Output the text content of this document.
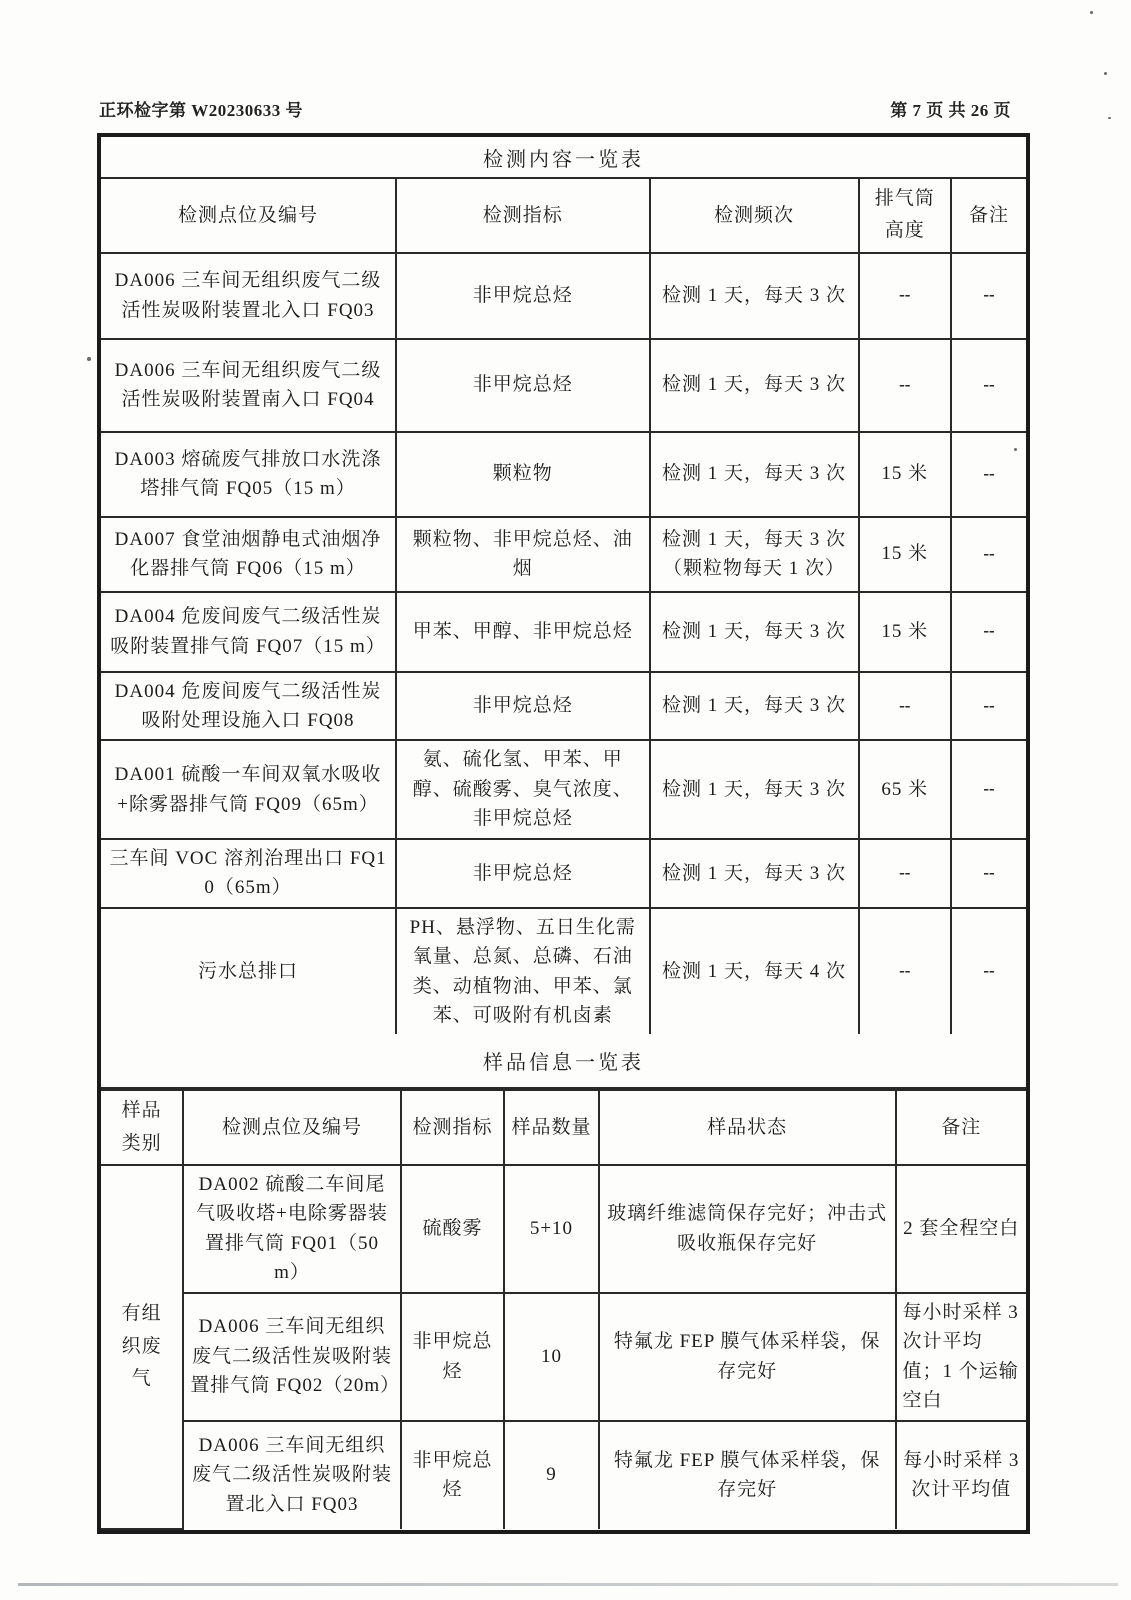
正环检字第 W20230633 号	第 7 页 共 26 页
检测内容一览表
检测点位及编号	检测指标	检测频次	排气筒高度	备注
DA006 三车间无组织废气二级活性炭吸附装置北入口 FQ03	非甲烷总烃	检测 1 天，每天 3 次	--	--
DA006 三车间无组织废气二级活性炭吸附装置南入口 FQ04	非甲烷总烃	检测 1 天，每天 3 次	--	--
DA003 熔硫废气排放口水洗涤塔排气筒 FQ05（15 m）	颗粒物	检测 1 天，每天 3 次	15 米	--
DA007 食堂油烟静电式油烟净化器排气筒 FQ06（15 m）	颗粒物、非甲烷总烃、油烟	检测 1 天，每天 3 次（颗粒物每天 1 次）	15 米	--
DA004 危废间废气二级活性炭吸附装置排气筒 FQ07（15 m）	甲苯、甲醇、非甲烷总烃	检测 1 天，每天 3 次	15 米	--
DA004 危废间废气二级活性炭吸附处理设施入口 FQ08	非甲烷总烃	检测 1 天，每天 3 次	--	--
DA001 硫酸一车间双氧水吸收+除雾器排气筒 FQ09（65m）	氨、硫化氢、甲苯、甲醇、硫酸雾、臭气浓度、非甲烷总烃	检测 1 天，每天 3 次	65 米	--
三车间 VOC 溶剂治理出口 FQ10（65m）	非甲烷总烃	检测 1 天，每天 3 次	--	--
污水总排口	PH、悬浮物、五日生化需氧量、总氮、总磷、石油类、动植物油、甲苯、氯苯、可吸附有机卤素	检测 1 天，每天 4 次	--	--
样品信息一览表
样品类别	检测点位及编号	检测指标	样品数量	样品状态	备注
有组织废气	DA002 硫酸二车间尾气吸收塔+电除雾器装置排气筒 FQ01（50 m）	硫酸雾	5+10	玻璃纤维滤筒保存完好；冲击式吸收瓶保存完好	2 套全程空白
	DA006 三车间无组织废气二级活性炭吸附装置排气筒 FQ02（20m）	非甲烷总烃	10	特氟龙 FEP 膜气体采样袋，保存完好	每小时采样 3 次计平均值；1 个运输空白
	DA006 三车间无组织废气二级活性炭吸附装置北入口 FQ03	非甲烷总烃	9	特氟龙 FEP 膜气体采样袋，保存完好	每小时采样 3 次计平均值
